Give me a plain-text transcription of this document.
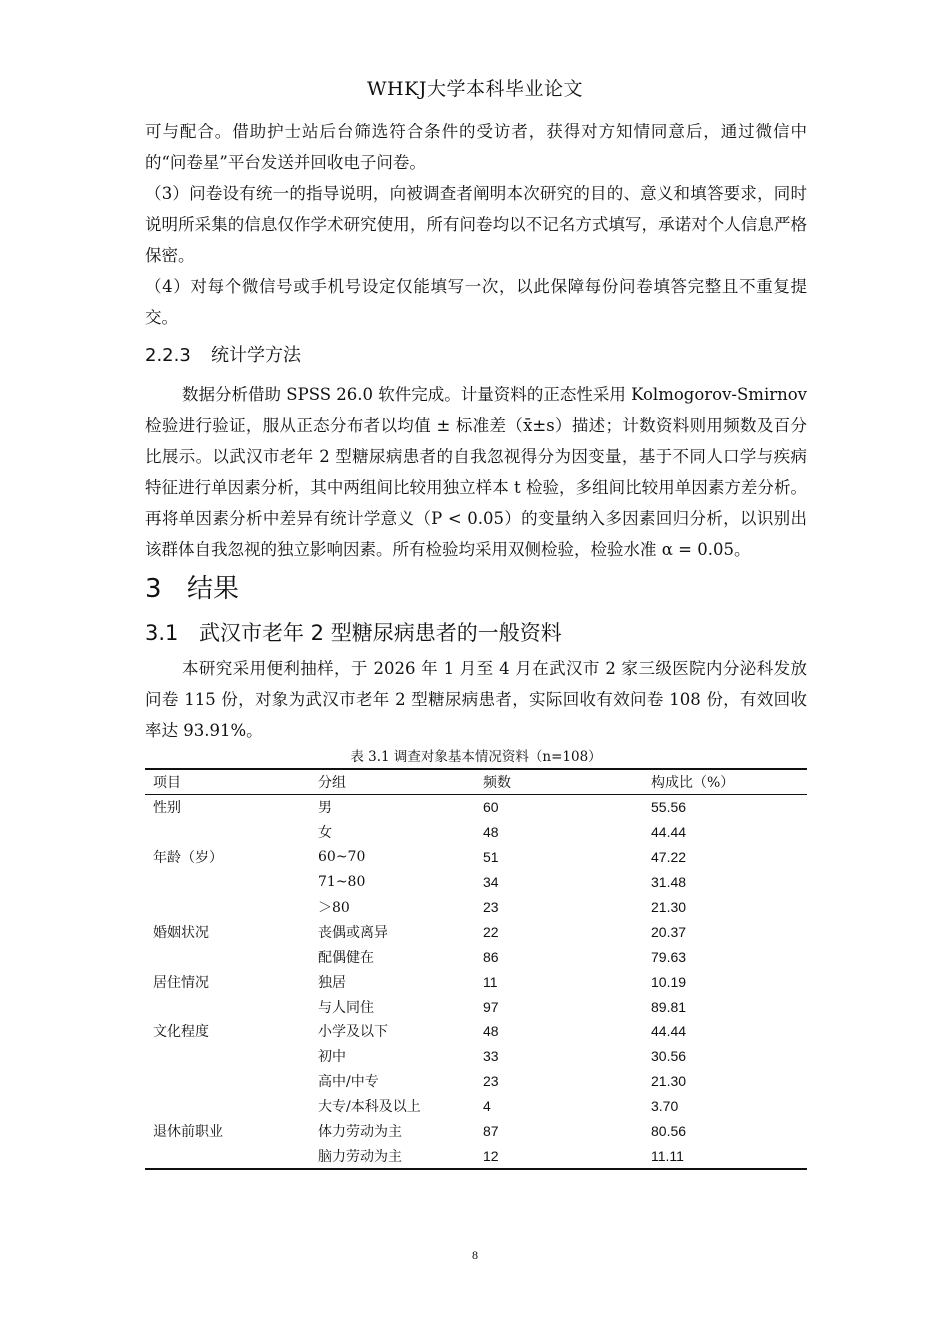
WHKJ大学本科毕业论文

可与配合。借助护士站后台筛选符合条件的受访者，获得对方知情同意后，通过微信中的“问卷星”平台发送并回收电子问卷。

（3）问卷设有统一的指导说明，向被调查者阐明本次研究的目的、意义和填答要求，同时说明所采集的信息仅作学术研究使用，所有问卷均以不记名方式填写，承诺对个人信息严格保密。

（4）对每个微信号或手机号设定仅能填写一次，以此保障每份问卷填答完整且不重复提交。

2.2.3 统计学方法

数据分析借助 SPSS 26.0 软件完成。计量资料的正态性采用 Kolmogorov-Smirnov 检验进行验证，服从正态分布者以均值 ± 标准差（x̄±s）描述；计数资料则用频数及百分比展示。以武汉市老年 2 型糖尿病患者的自我忽视得分为因变量，基于不同人口学与疾病特征进行单因素分析，其中两组间比较用独立样本 t 检验，多组间比较用单因素方差分析。再将单因素分析中差异有统计学意义（P < 0.05）的变量纳入多因素回归分析，以识别出该群体自我忽视的独立影响因素。所有检验均采用双侧检验，检验水准 α = 0.05。

3 结果
3.1 武汉市老年 2 型糖尿病患者的一般资料

本研究采用便利抽样，于 2026 年 1 月至 4 月在武汉市 2 家三级医院内分泌科发放问卷 115 份，对象为武汉市老年 2 型糖尿病患者，实际回收有效问卷 108 份，有效回收率达 93.91%。

表 3.1 调查对象基本情况资料（n=108）
项目	分组	频数	构成比（%）
性别	男	60	55.56
	女	48	44.44
年龄（岁）	60~70	51	47.22
	71~80	34	31.48
	＞80	23	21.30
婚姻状况	丧偶或离异	22	20.37
	配偶健在	86	79.63
居住情况	独居	11	10.19
	与人同住	97	89.81
文化程度	小学及以下	48	44.44
	初中	33	30.56
	高中/中专	23	21.30
	大专/本科及以上	4	3.70
退休前职业	体力劳动为主	87	80.56
	脑力劳动为主	12	11.11
8
